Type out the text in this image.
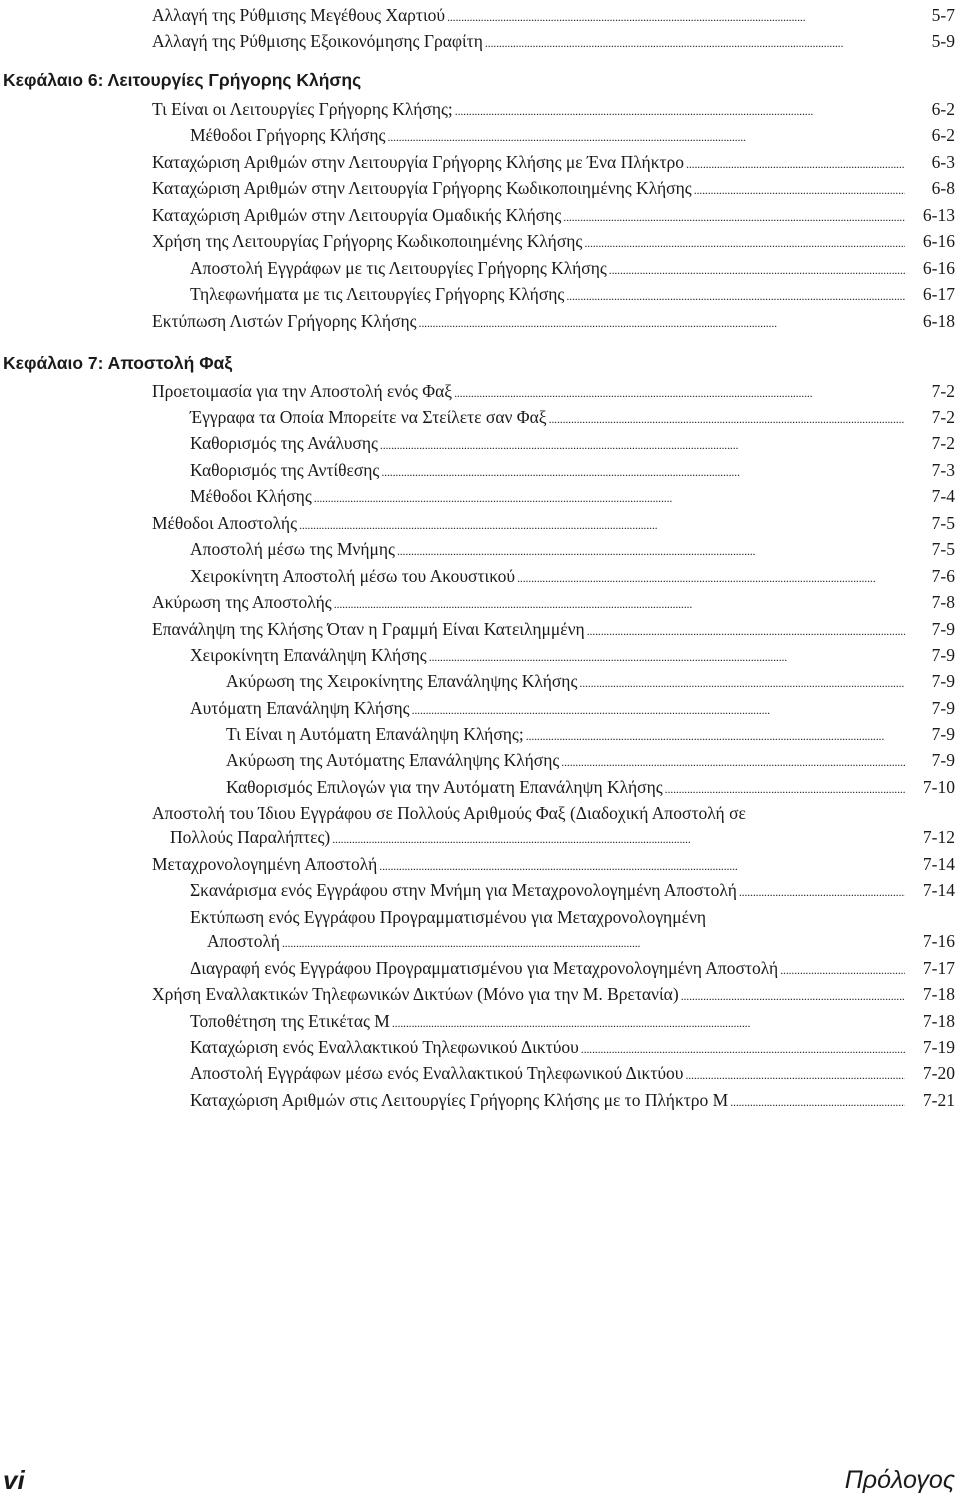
Αλλαγή της Ρύθμισης Μεγέθους Χαρτιού . . .	5-7
Αλλαγή της Ρύθμισης Εξοικονόμησης Γραφίτη . . .	5-9
Κεφάλαιο 6: Λειτουργίες Γρήγορης Κλήσης
Τι Είναι οι Λειτουργίες Γρήγορης Κλήσης; . . .	6-2
Μέθοδοι Γρήγορης Κλήσης . . .	6-2
Καταχώριση Αριθμών στην Λειτουργία Γρήγορης Κλήσης με Ένα Πλήκτρο . . .	6-3
Καταχώριση Αριθμών στην Λειτουργία Γρήγορης Κωδικοποιημένης Κλήσης . . .	6-8
Καταχώριση Αριθμών στην Λειτουργία Ομαδικής Κλήσης . . .	6-13
Χρήση της Λειτουργίας Γρήγορης Κωδικοποιημένης Κλήσης . . .	6-16
Αποστολή Εγγράφων με τις Λειτουργίες Γρήγορης Κλήσης . . .	6-16
Τηλεφωνήματα με τις Λειτουργίες Γρήγορης Κλήσης . . .	6-17
Εκτύπωση Λιστών Γρήγορης Κλήσης . . .	6-18
Κεφάλαιο 7: Αποστολή Φαξ
Προετοιμασία για την Αποστολή ενός Φαξ . . .	7-2
Έγγραφα τα Οποία Μπορείτε να Στείλετε σαν Φαξ . . .	7-2
Καθορισμός της Ανάλυσης . . .	7-2
Καθορισμός της Αντίθεσης . . .	7-3
Μέθοδοι Κλήσης . . .	7-4
Μέθοδοι Αποστολής . . .	7-5
Αποστολή μέσω της Μνήμης . . .	7-5
Χειροκίνητη Αποστολή μέσω του Ακουστικού . . .	7-6
Ακύρωση της Αποστολής . . .	7-8
Επανάληψη της Κλήσης Όταν η Γραμμή Είναι Κατειλημμένη . . .	7-9
Χειροκίνητη Επανάληψη Κλήσης . . .	7-9
Ακύρωση της Χειροκίνητης Επανάληψης Κλήσης . . .	7-9
Αυτόματη Επανάληψη Κλήσης . . .	7-9
Τι Είναι η Αυτόματη Επανάληψη Κλήσης; . . .	7-9
Ακύρωση της Αυτόματης Επανάληψης Κλήσης . . .	7-9
Καθορισμός Επιλογών για την Αυτόματη Επανάληψη Κλήσης . . .	7-10
Αποστολή του Ίδιου Εγγράφου σε Πολλούς Αριθμούς Φαξ (Διαδοχική Αποστολή σε
Πολλούς Παραλήπτες) . . .	7-12
Μεταχρονολογημένη Αποστολή . . .	7-14
Σκανάρισμα ενός Εγγράφου στην Μνήμη για Μεταχρονολογημένη Αποστολή . . .	7-14
Εκτύπωση ενός Εγγράφου Προγραμματισμένου για Μεταχρονολογημένη
Αποστολή . . .	7-16
Διαγραφή ενός Εγγράφου Προγραμματισμένου για Μεταχρονολογημένη Αποστολή . . .	7-17
Χρήση Εναλλακτικών Τηλεφωνικών Δικτύων (Μόνο για την Μ. Βρετανία) . . .	7-18
Τοποθέτηση της Ετικέτας Μ . . .	7-18
Καταχώριση ενός Εναλλακτικού Τηλεφωνικού Δικτύου . . .	7-19
Αποστολή Εγγράφων μέσω ενός Εναλλακτικού Τηλεφωνικού Δικτύου . . .	7-20
Καταχώριση Αριθμών στις Λειτουργίες Γρήγορης Κλήσης με το Πλήκτρο Μ . . .	7-21
vi	Πρόλογος
